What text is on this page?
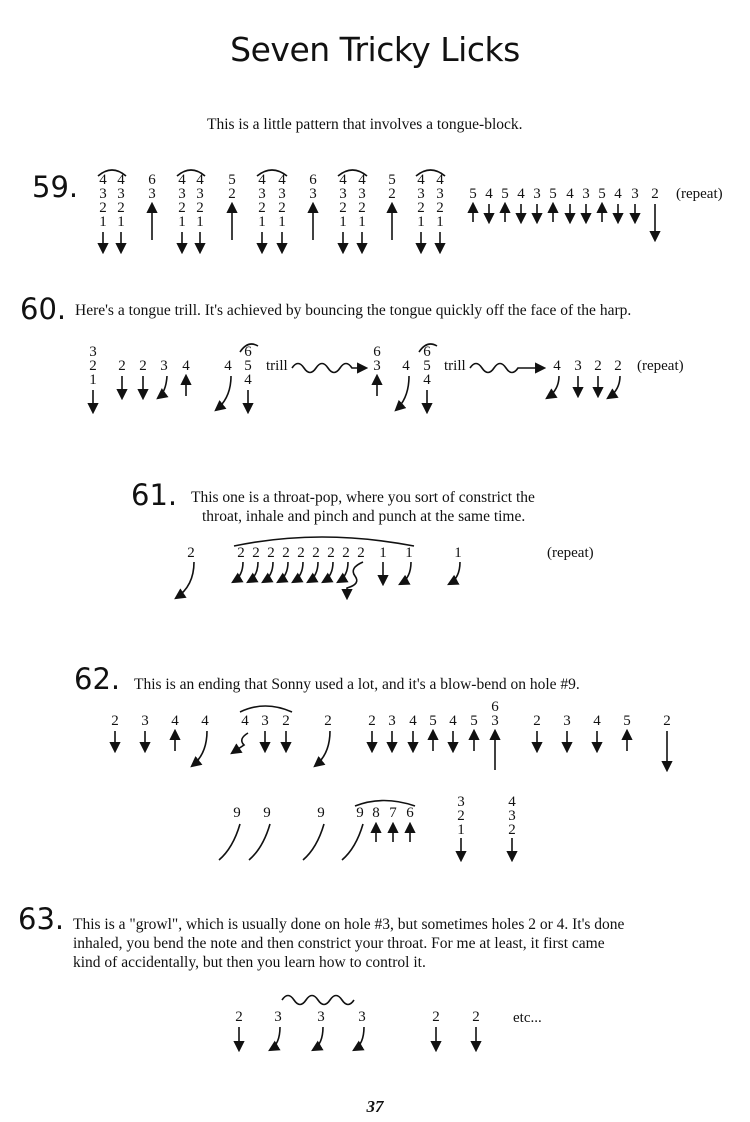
Seven Tricky Licks
59.
This is a little pattern that involves a tongue-block.
4
3
2
1
4
3
2
1
6
3
4
3
2
1
4
3
2
1
5
2
4
3
2
1
4
3
2
1
6
3
4
3
2
1
4
3
2
1
5
2
4
3
2
1
4
3
2
1
5 4 5 4 3 5 4 3 5 4 3 2 (repeat)
60. Here's a tongue trill. It's achieved by bouncing the tongue quickly off the face of the harp.
3
2
1
2 2 3 4 4
6
5
4
6
3 4
6
5
4
4 3 2 2
trill	trill	(repeat)
61. This one is a throat-pop, where you sort of constrict the
throat, inhale and pinch and punch at the same time.
2	2 2 2 2 2 2 2 2 2 1 1	1	(repeat)
62. This is an ending that Sonny used a lot, and it's a blow-bend on hole #9.
2 3 4 4 4 3 2 2 2 3 4 5 4 5
6
3 2 3 4 5 2
9 9	9 9 8 7 6
3
2
1
4
3
2
63. This is a "growl", which is usually done on hole #3, but sometimes holes 2 or 4. It's done
inhaled, you bend the note and then constrict your throat. For me at least, it first came
kind of accidentally, but then you learn how to control it.
2 3 3 3	2 2 etc...
37
